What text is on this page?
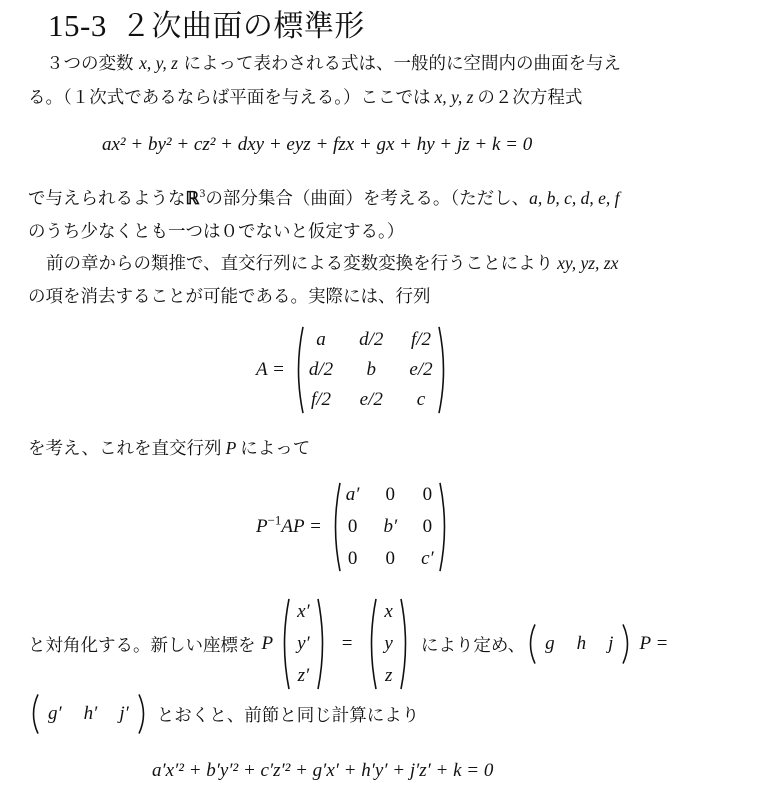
15-3 ２次曲面の標準形
３つの変数 x, y, z によって表わされる式は、一般的に空間内の曲面を与え
る。（１次式であるならば平面を与える。）ここでは x, y, z の２次方程式
ax² + by² + cz² + dxy + eyz + fzx + gx + hy + jz + k = 0
で与えられるようなℝ$^3$の部分集合（曲面）を考える。（ただし、a, b, c, d, e, f
のうち少なくとも一つは０でないと仮定する。）
前の章からの類推で、直交行列による変数変換を行うことにより xy, yz, zx
の項を消去することが可能である。実際には、行列
A =
a d/2 f/2
d/2 b e/2
f/2 e/2 c
を考え、これを直交行列 P によって
$P^{-1}AP$ =
a′ 0 0
0 b′ 0
0 0 c′
と対角化する。新しい座標を P
x′
y′
z′
=
x
y
z
により定め、 g h j P =
g′ h′ j′ とおくと、前節と同じ計算により
a′x′² + b′y′² + c′z′² + g′x′ + h′y′ + j′z′ + k = 0
